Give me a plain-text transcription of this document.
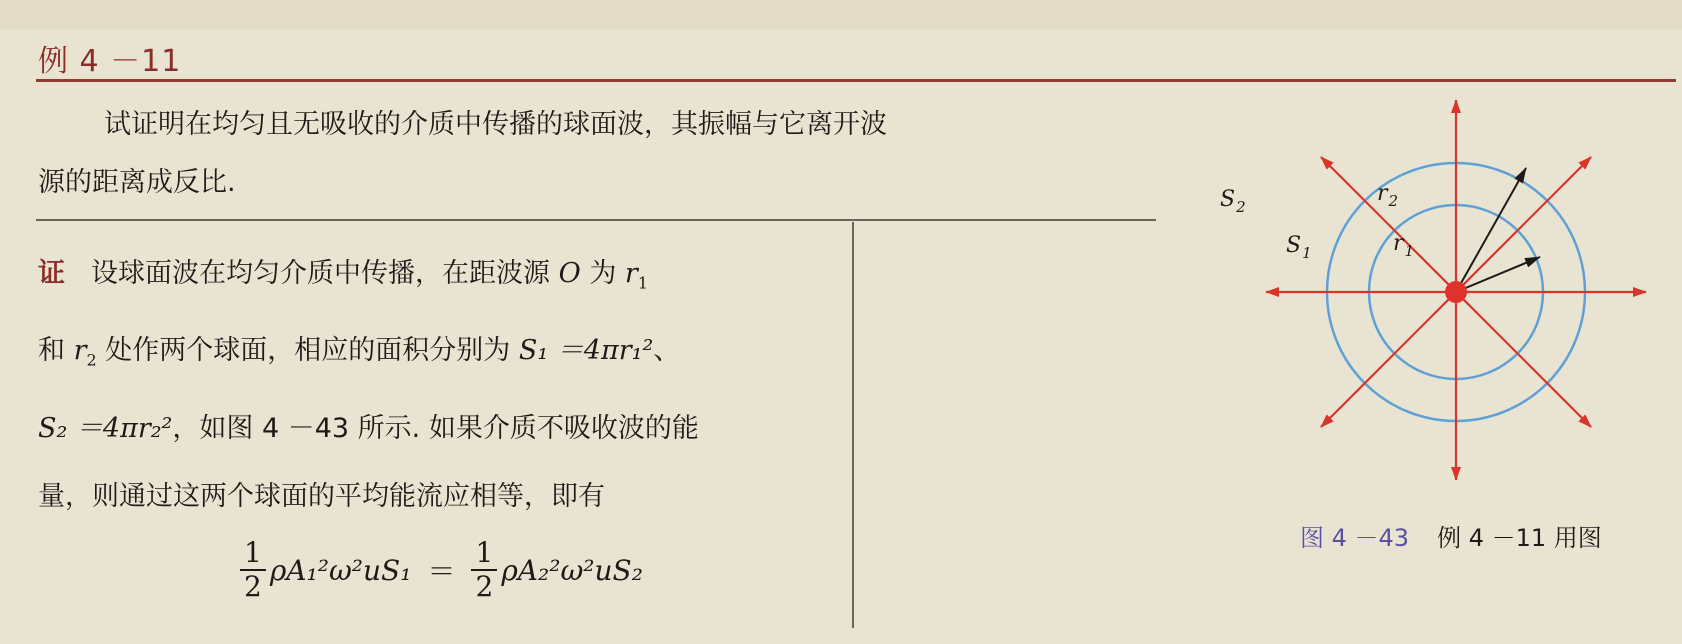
例 4 －11

试证明在均匀且无吸收的介质中传播的球面波，其振幅与它离开波

源的距离成反比.

证 设球面波在均匀介质中传播，在距波源 O 为 $r_1$

和 $r_2$ 处作两个球面，相应的面积分别为 S₁ ＝4πr₁²、

S₂ ＝4πr₂²，如图 4 －43 所示. 如果介质不吸收波的能

量，则通过这两个球面的平均能流应相等，即有

$\frac{1}{2} \rho A_1^2\omega^2uS_1 = \frac{1}{2} \rho A_2^2\omega^2uS_2$
$S_2$
$S_1$
$r_2$
$r_1$
图 4 －43 例 4 －11 用图
